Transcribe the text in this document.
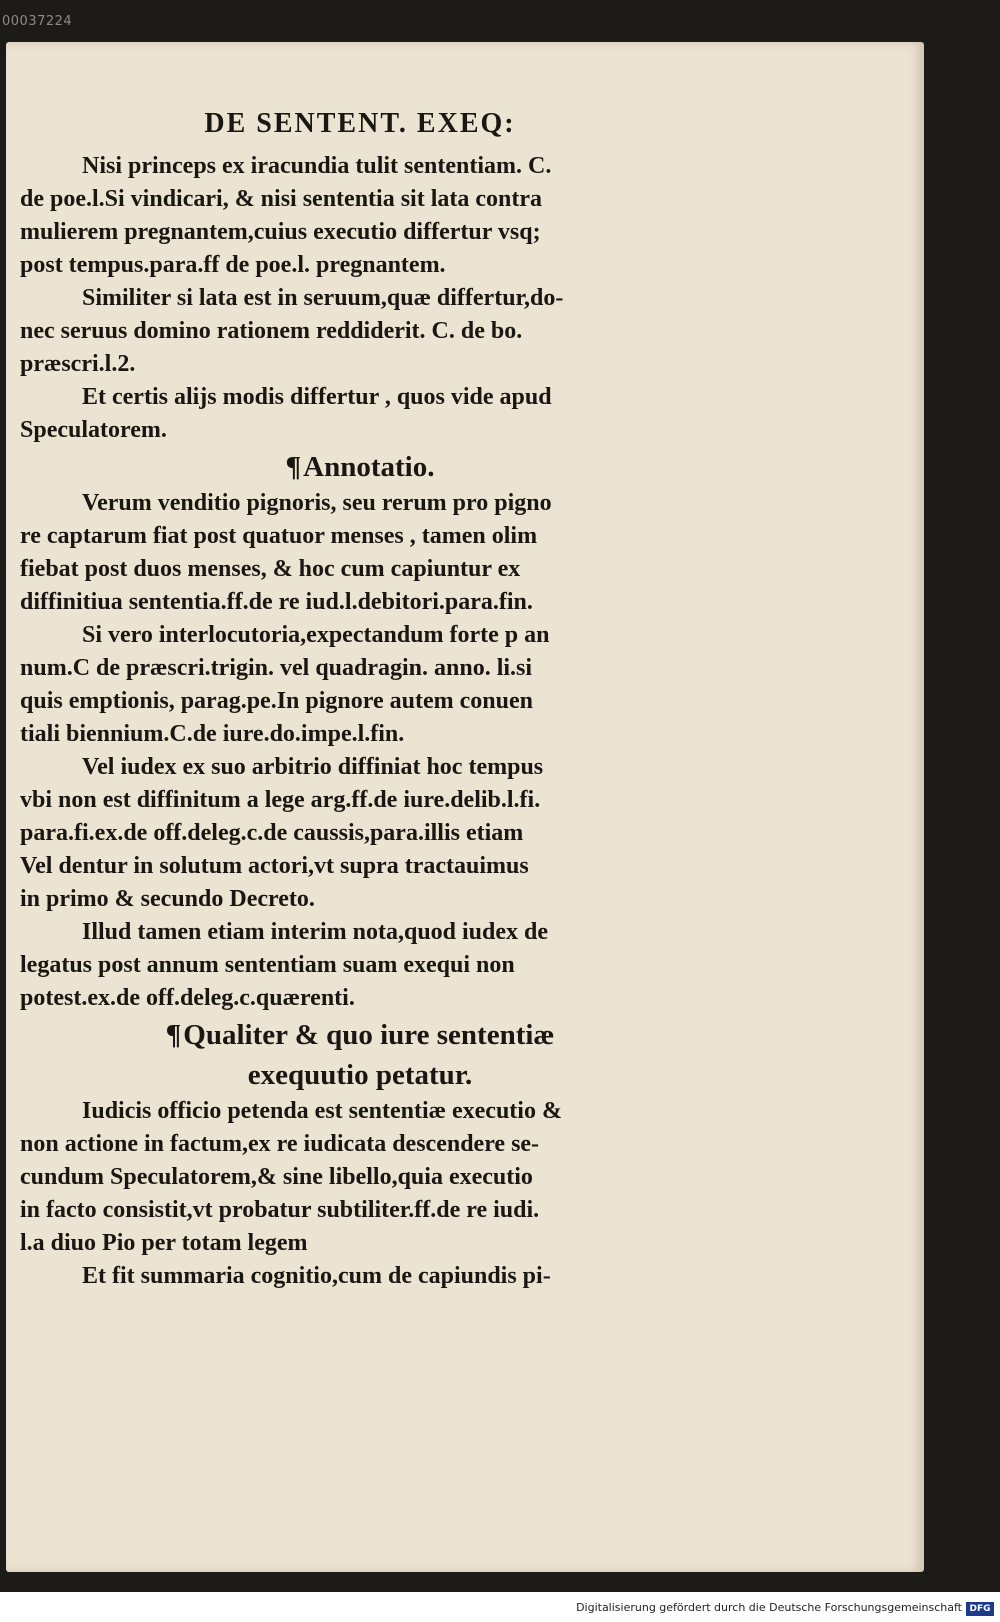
00037224
DE SENTENT. EXEQ:
Nisi princeps ex iracundia tulit sententiam. C.
de poe.l.Si vindicari, & nisi sententia sit lata contra
mulierem pregnantem,cuius executio differtur vsq;
post tempus.para.ff de poe.l. pregnantem.
Similiter si lata est in seruum,quæ differtur,do-
nec seruus domino rationem reddiderit. C. de bo.
præscri.l.2.
Et certis alijs modis differtur , quos vide apud
Speculatorem.
¶Annotatio.
Verum venditio pignoris, seu rerum pro pigno
re captarum fiat post quatuor menses , tamen olim
fiebat post duos menses, & hoc cum capiuntur ex
diffinitiua sententia.ff.de re iud.l.debitori.para.fin.
Si vero interlocutoria,expectandum forte p an
num.C de præscri.trigin. vel quadragin. anno. li.si
quis emptionis, parag.pe.In pignore autem conuen
tiali biennium.C.de iure.do.impe.l.fin.
Vel iudex ex suo arbitrio diffiniat hoc tempus
vbi non est diffinitum a lege arg.ff.de iure.delib.l.fi.
para.fi.ex.de off.deleg.c.de caussis,para.illis etiam
Vel dentur in solutum actori,vt supra tractauimus
in primo & secundo Decreto.
Illud tamen etiam interim nota,quod iudex de
legatus post annum sententiam suam exequi non
potest.ex.de off.deleg.c.quærenti.
¶Qualiter & quo iure sententiæ
exequutio petatur.
Iudicis officio petenda est sententiæ executio &
non actione in factum,ex re iudicata descendere se-
cundum Speculatorem,& sine libello,quia executio
in facto consistit,vt probatur subtiliter.ff.de re iudi.
l.a diuo Pio per totam legem
Et fit summaria cognitio,cum de capiundis pi-
Digitalisierung gefördert durch die Deutsche Forschungsgemeinschaft DFG
